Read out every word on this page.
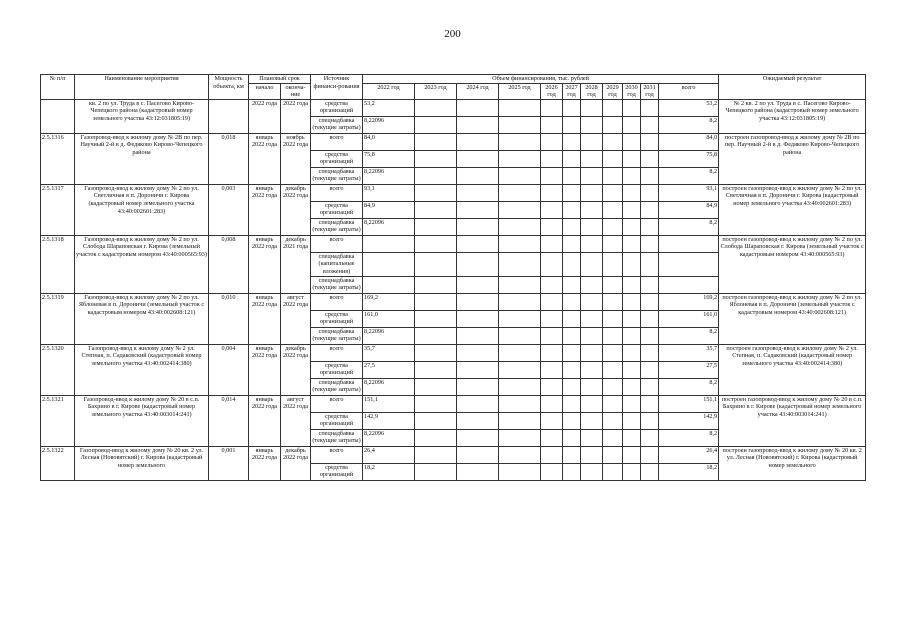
200
№ п/п	Наименование мероприятия	Мощность объекта, км	Плановый срок		Источник финанси-рования	Объем финансирования, тыс. рублей											Ожидаемый результат
			начало	оконча-ние		2022 год	2023 год	2024 год	2025 год	2026 год	2027 год	2028 год	2029 год	2030 год	2031 год	всего	
	кв. 2 по ул. Труда в с. Пасегово Кирово-Чепецкого района (кадастровый номер земельного участка 43:12:031805:19)		2022 года	2022 года	средства организаций	53,2										53,2	№ 2 кв. 2 по ул. Труда в с. Пасегово Кирово-Чепецкого района (кадастровый номер земельного участка 43:12:031805:19)
					спецнадбавка (текущие затраты)	8,22096										8,2	
2.5.1316	Газопровод-ввод к жилому дому № 2В по пер. Научный 2-й в д. Федяково Кирово-Чепецкого района	0,018	январь 2022 года	ноябрь 2022 года	всего	84,0										84,0	построен газопровод-ввод к жилому дому № 2В по пер. Научный 2-й в д. Федяково Кирово-Чепецкого района
					средства организаций	75,8										75,8	
					спецнадбавка (текущие затраты)	8,22096										8,2	
2.5.1317	Газопровод-ввод к жилому дому № 2 по ул. Светличная в п. Дороничи г. Кирова (кадастровый номер земельного участка 43:40:002601:283)	0,003	январь 2022 года	декабрь 2022 года	всего	93,1										93,1	построен газопровод-ввод к жилому дому № 2 по ул. Светличная в п. Дороничи г. Кирова (кадастровый номер земельного участка 43:40:002601:283)
					средства организаций	84,9										84,9	
					спецнадбавка (текущие затраты)	8,22096										8,2	
2.5.1318	Газопровод-ввод к жилому дому № 2 по ул. Слобода Шараповская г. Кирова (земельный участок с кадастровым номером 43:40:000565:93)	0,008	январь 2022 года	декабрь 2021 года	всего												построен газопровод-ввод к жилому дому № 2 по ул. Слобода Шараповская г. Кирова (земельный участок с кадастровым номером 43:40:000565:93)
					спецнадбавка (капитальные вложения)												
					спецнадбавка (текущие затраты)												
2.5.1319	Газопровод-ввод к жилому дому № 2 по ул. Яблоневая в п. Дороничи (земельный участок с кадастровым номером 43:40:002608:121)	0,010	январь 2022 года	август 2022 года	всего	169,2										169,2	построен газопровод-ввод к жилому дому № 2 по ул. Яблоневая в п. Дороничи (земельный участок с кадастровым номером 43:40:002608:121)
					средства организаций	161,0										161,0	
					спецнадбавка (текущие затраты)	8,22096										8,2	
2.5.1320	Газопровод-ввод к жилому дому № 2 ул. Степная, п. Садаковский (кадастровый номер земельного участка 43:40:002414:380)	0,004	январь 2022 года	декабрь 2022 года	всего	35,7										35,7	построен газопровод-ввод к жилому дому № 2 ул. Степная, п. Садаковский (кадастровый номер земельного участка 43:40:002414:380)
					средства организаций	27,5										27,5	
					спецнадбавка (текущие затраты)	8,22096										8,2	
2.5.1321	Газопровод-ввод к жилому дому № 20 в с.п. Бахрино в г. Кирове (кадастровый номер земельного участка 43:40:003014:241)	0,014	январь 2022 года	август 2022 года	всего	151,1										151,1	построен газопровод-ввод к жилому дому № 20 в с.п. Бахрино в г. Кирове (кадастровый номер земельного участка 43:40:003014:241)
					средства организаций	142,9										142,9	
					спецнадбавка (текущие затраты)	8,22096										8,2	
2.5.1322	Газопровод-ввод к жилому дому № 20 кв. 2 ул. Лесная (Нововятский) г. Кирова (кадастровый номер земельного	0,001	январь 2022 года	декабрь 2022 года	всего	26,4										26,4	построен газопровод-ввод к жилому дому № 20 кв. 2 ул. Лесная (Нововятский) г. Кирова (кадастровый номер земельного
					средства организаций	18,2										18,2	
